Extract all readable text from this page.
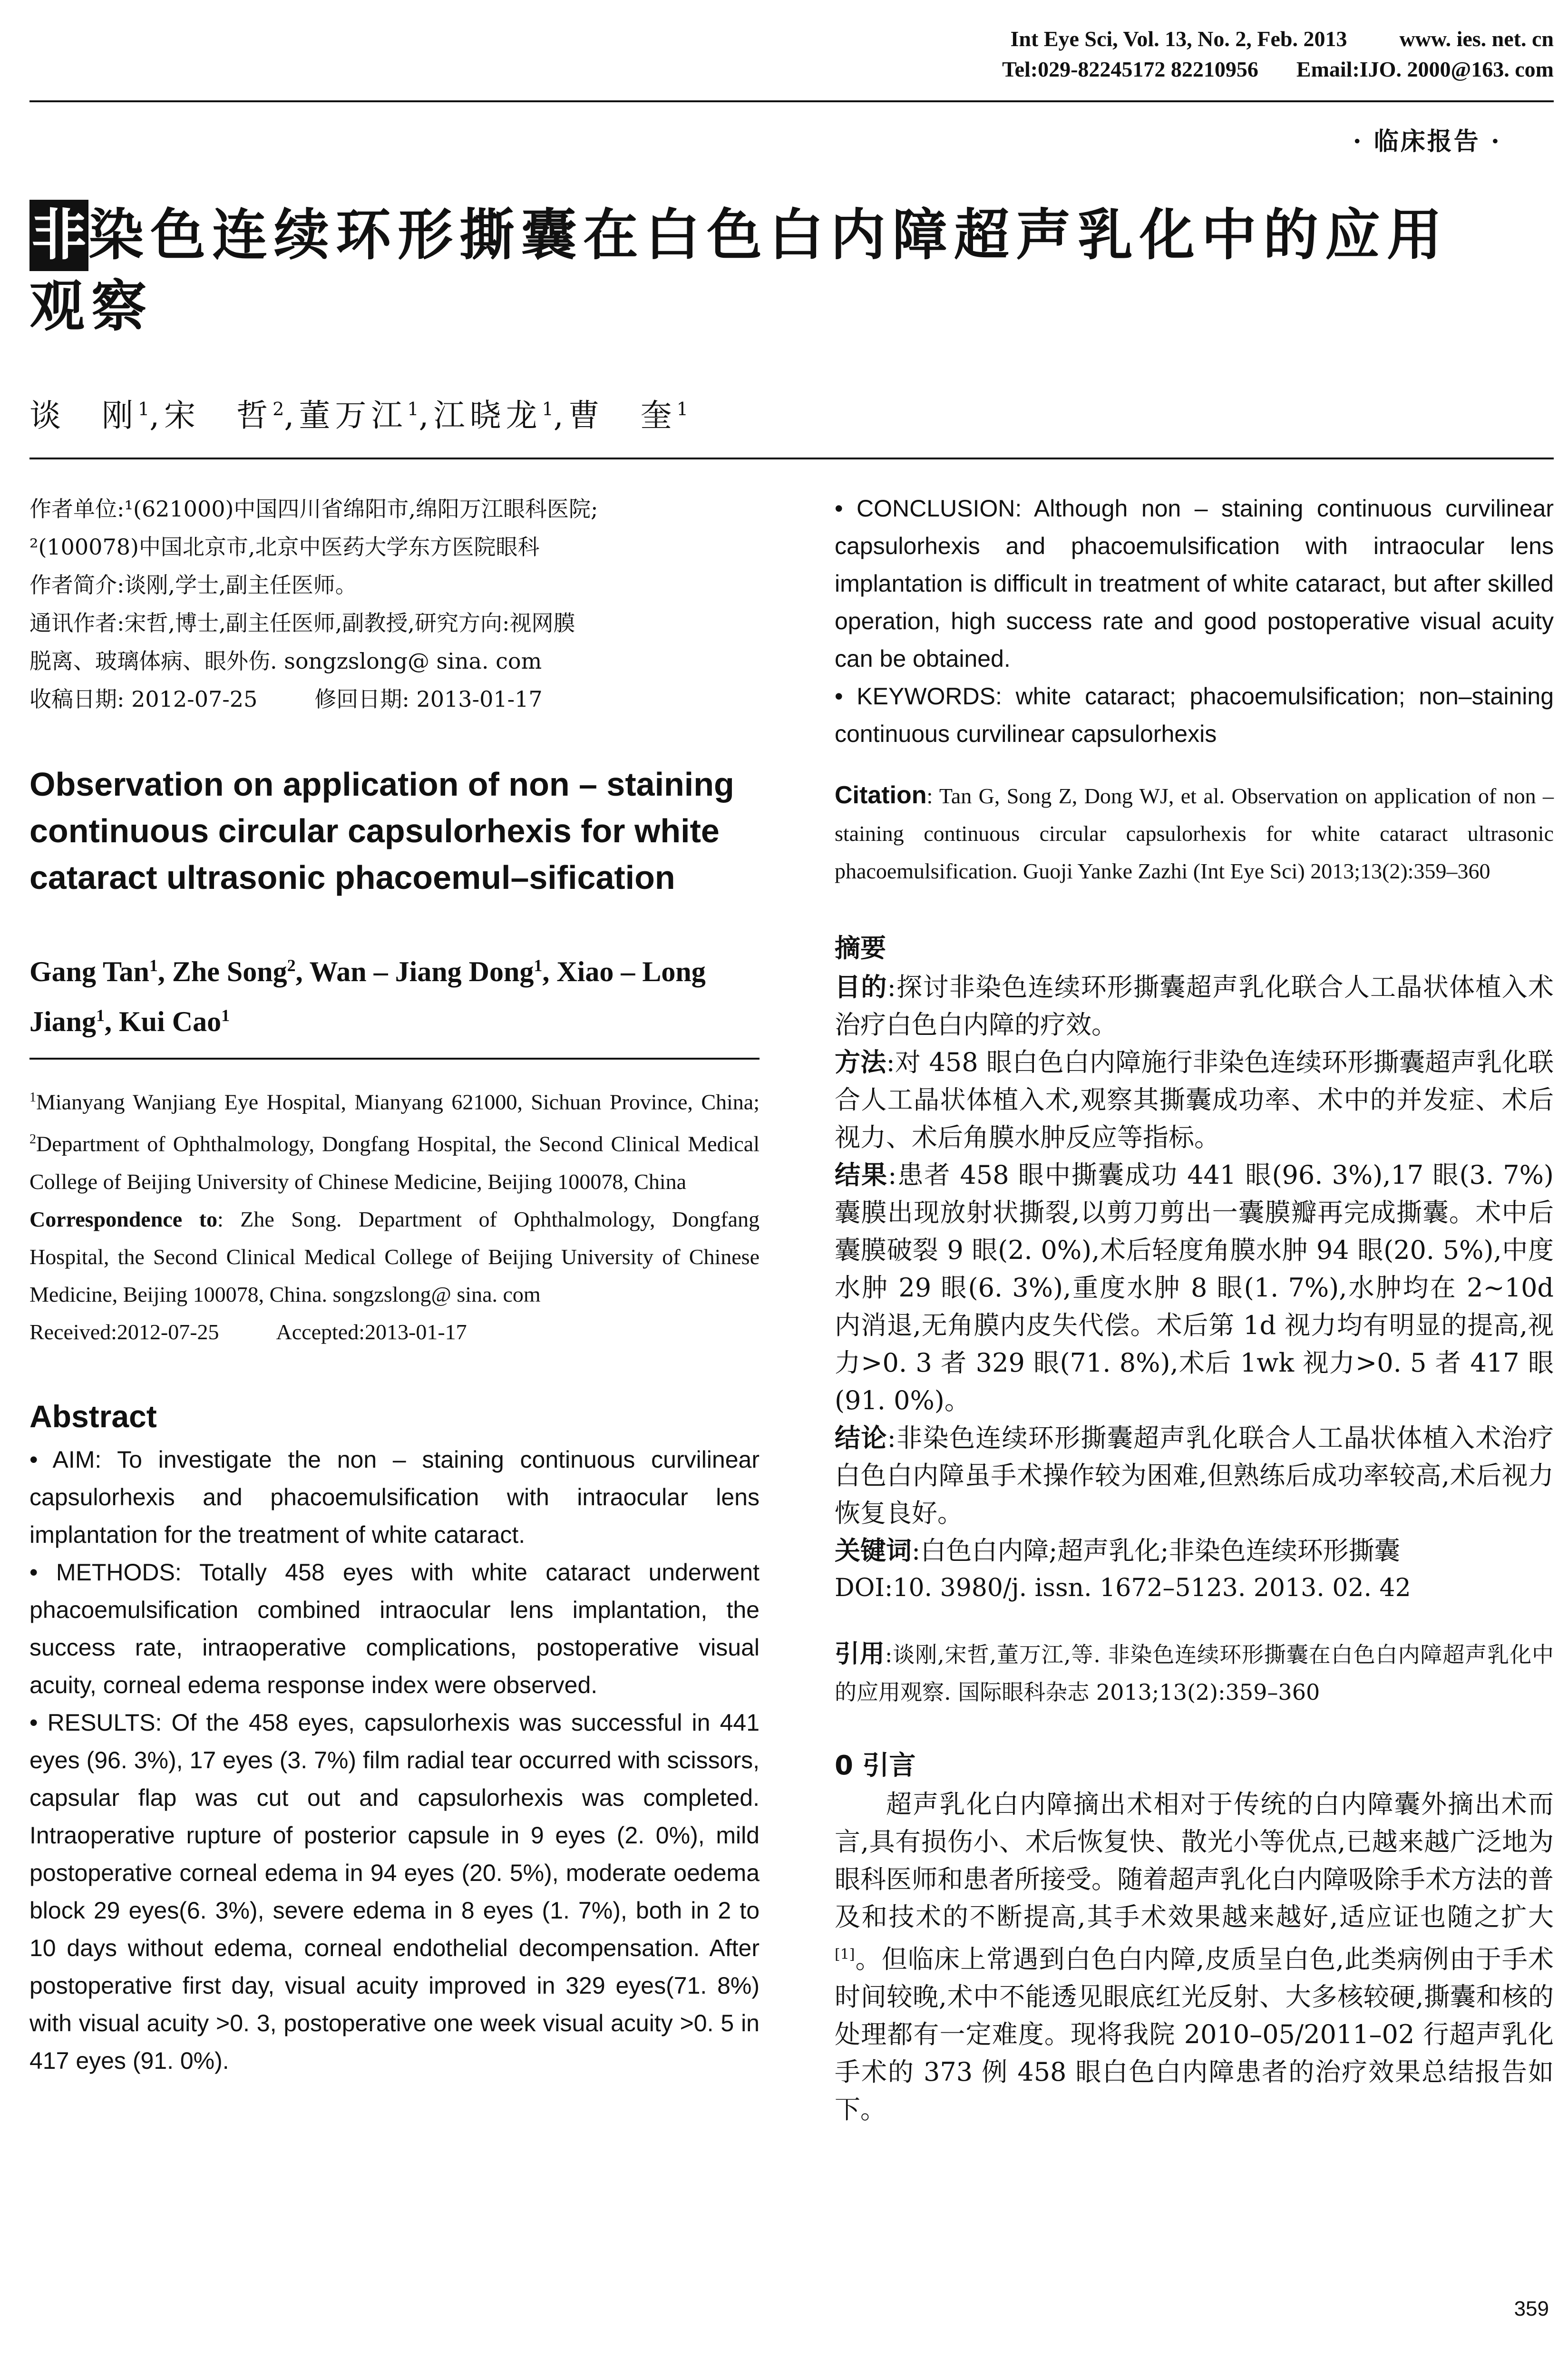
Int Eye Sci, Vol. 13, No. 2, Feb. 2013 www. ies. net. cn
Tel:029-82245172 82210956 Email:IJO. 2000@163. com
· 临床报告 ·
非染色连续环形撕囊在白色白内障超声乳化中的应用
观察
谈　刚$^1$,宋　哲$^2$,董万江$^1$,江晓龙$^1$,曹　奎$^1$

作者单位:¹(621000)中国四川省绵阳市,绵阳万江眼科医院;

²(100078)中国北京市,北京中医药大学东方医院眼科

作者简介:谈刚,学士,副主任医师。

通讯作者:宋哲,博士,副主任医师,副教授,研究方向:视网膜

脱离、玻璃体病、眼外伤. songzslong@ sina. com

收稿日期: 2012-07-25	修回日期: 2013-01-17

Observation on application of non – staining continuous circular capsulorhexis for white cataract ultrasonic phacoemul–sification
Gang Tan$^1$, Zhe Song$^2$, Wan – Jiang Dong$^1$, Xiao – Long Jiang$^1$, Kui Cao$^1$

$^1$Mianyang Wanjiang Eye Hospital, Mianyang 621000, Sichuan Province, China; $^2$Department of Ophthalmology, Dongfang Hospital, the Second Clinical Medical College of Beijing University of Chinese Medicine, Beijing 100078, China

Correspondence to: Zhe Song. Department of Ophthalmology, Dongfang Hospital, the Second Clinical Medical College of Beijing University of Chinese Medicine, Beijing 100078, China. songzslong@ sina. com

Received:2012-07-25	Accepted:2013-01-17

Abstract

• AIM: To investigate the non – staining continuous curvilinear capsulorhexis and phacoemulsification with intraocular lens implantation for the treatment of white cataract.

• METHODS: Totally 458 eyes with white cataract underwent phacoemulsification combined intraocular lens implantation, the success rate, intraoperative complications, postoperative visual acuity, corneal edema response index were observed.

• RESULTS: Of the 458 eyes, capsulorhexis was successful in 441 eyes (96. 3%), 17 eyes (3. 7%) film radial tear occurred with scissors, capsular flap was cut out and capsulorhexis was completed. Intraoperative rupture of posterior capsule in 9 eyes (2. 0%), mild postoperative corneal edema in 94 eyes (20. 5%), moderate oedema block 29 eyes(6. 3%), severe edema in 8 eyes (1. 7%), both in 2 to 10 days without edema, corneal endothelial decompensation. After postoperative first day, visual acuity improved in 329 eyes(71. 8%) with visual acuity >0. 3, postoperative one week visual acuity >0. 5 in 417 eyes (91. 0%).

• CONCLUSION: Although non – staining continuous curvilinear capsulorhexis and phacoemulsification with intraocular lens implantation is difficult in treatment of white cataract, but after skilled operation, high success rate and good postoperative visual acuity can be obtained.

• KEYWORDS: white cataract; phacoemulsification; non–staining continuous curvilinear capsulorhexis

Citation: Tan G, Song Z, Dong WJ, et al. Observation on application of non – staining continuous circular capsulorhexis for white cataract ultrasonic phacoemulsification. Guoji Yanke Zazhi (Int Eye Sci) 2013;13(2):359–360

摘要

目的:探讨非染色连续环形撕囊超声乳化联合人工晶状体植入术治疗白色白内障的疗效。

方法:对 458 眼白色白内障施行非染色连续环形撕囊超声乳化联合人工晶状体植入术,观察其撕囊成功率、术中的并发症、术后视力、术后角膜水肿反应等指标。

结果:患者 458 眼中撕囊成功 441 眼(96. 3%),17 眼(3. 7%)囊膜出现放射状撕裂,以剪刀剪出一囊膜瓣再完成撕囊。术中后囊膜破裂 9 眼(2. 0%),术后轻度角膜水肿 94 眼(20. 5%),中度水肿 29 眼(6. 3%),重度水肿 8 眼(1. 7%),水肿均在 2~10d 内消退,无角膜内皮失代偿。术后第 1d 视力均有明显的提高,视力>0. 3 者 329 眼(71. 8%),术后 1wk 视力>0. 5 者 417 眼(91. 0%)。

结论:非染色连续环形撕囊超声乳化联合人工晶状体植入术治疗白色白内障虽手术操作较为困难,但熟练后成功率较高,术后视力恢复良好。

关键词:白色白内障;超声乳化;非染色连续环形撕囊

DOI:10. 3980/j. issn. 1672–5123. 2013. 02. 42

引用:谈刚,宋哲,董万江,等. 非染色连续环形撕囊在白色白内障超声乳化中的应用观察. 国际眼科杂志 2013;13(2):359–360

0 引言

超声乳化白内障摘出术相对于传统的白内障囊外摘出术而言,具有损伤小、术后恢复快、散光小等优点,已越来越广泛地为眼科医师和患者所接受。随着超声乳化白内障吸除手术方法的普及和技术的不断提高,其手术效果越来越好,适应证也随之扩大[1]。但临床上常遇到白色白内障,皮质呈白色,此类病例由于手术时间较晚,术中不能透见眼底红光反射、大多核较硬,撕囊和核的处理都有一定难度。现将我院 2010–05/2011–02 行超声乳化手术的 373 例 458 眼白色白内障患者的治疗效果总结报告如下。

359
